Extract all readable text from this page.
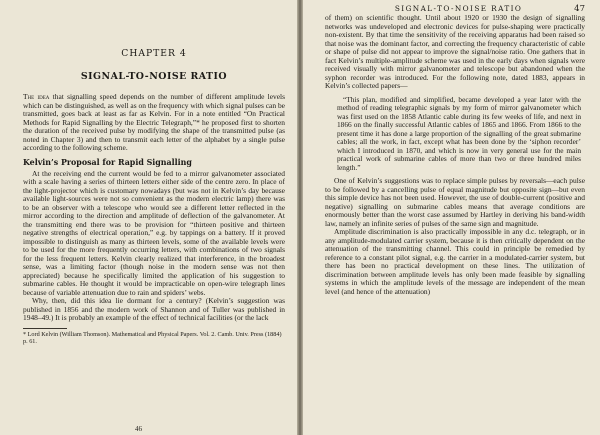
CHAPTER 4
SIGNAL-TO-NOISE RATIO

The idea that signalling speed depends on the number of different amplitude levels which can be distinguished, as well as on the frequency with which signal pulses can be transmitted, goes back at least as far as Kelvin. For in a note entitled “On Practical Methods for Rapid Signalling by the Electric Telegraph,”* he proposed first to shorten the duration of the received pulse by modifying the shape of the transmitted pulse (as noted in Chapter 3) and then to transmit each letter of the alphabet by a single pulse according to the following scheme.

Kelvin’s Proposal for Rapid Signalling

At the receiving end the current would be fed to a mirror galvanometer associated with a scale having a series of thirteen letters either side of the centre zero. In place of the light-projector which is customary nowadays (but was not in Kelvin’s day because available light-sources were not so convenient as the modern electric lamp) there was to be an observer with a telescope who would see a different letter reflected in the mirror according to the direction and amplitude of deflection of the galvanometer. At the transmitting end there was to be provision for “thirteen positive and thirteen negative strengths of electrical operation,” e.g. by tappings on a battery. If it proved impossible to distinguish as many as thirteen levels, some of the available levels were to be used for the more frequently occurring letters, with combinations of two signals for the less frequent letters. Kelvin clearly realized that interference, in the broadest sense, was a limiting factor (though noise in the modern sense was not then appreciated) because he specifically limited the application of his suggestion to submarine cables. He thought it would be impracticable on open-wire telegraph lines because of variable attenuation due to rain and spiders’ webs.

Why, then, did this idea lie dormant for a century? (Kelvin’s suggestion was published in 1856 and the modern work of Shannon and of Tuller was published in 1948–49.) It is probably an example of the effect of technical facilities (or the lack

* Lord Kelvin (William Thomson). Mathematical and Physical Papers. Vol. 2. Camb. Univ. Press (1884) p. 61.

46
SIGNAL-TO-NOISE RATIO	47

of them) on scientific thought. Until about 1920 or 1930 the design of signalling networks was undeveloped and electronic devices for pulse-shaping were practically non-existent. By that time the sensitivity of the receiving apparatus had been raised so that noise was the dominant factor, and correcting the frequency characteristic of cable or shape of pulse did not appear to improve the signal/noise ratio. One gathers that in fact Kelvin’s multiple-amplitude scheme was used in the early days when signals were received visually with mirror galvanometer and telescope but abandoned when the syphon recorder was introduced. For the following note, dated 1883, appears in Kelvin’s collected papers—

“This plan, modified and simplified, became developed a year later with the method of reading telegraphic signals by my form of mirror galvanometer which was first used on the 1858 Atlantic cable during its few weeks of life, and next in 1866 on the finally successful Atlantic cables of 1865 and 1866. From 1866 to the present time it has done a large proportion of the signalling of the great submarine cables; all the work, in fact, except what has been done by the ‘siphon recorder’ which I introduced in 1870, and which is now in very general use for the main practical work of submarine cables of more than two or three hundred miles length.”

One of Kelvin’s suggestions was to replace simple pulses by reversals—each pulse to be followed by a cancelling pulse of equal magnitude but opposite sign—but even this simple device has not been used. However, the use of double-current (positive and negative) signalling on submarine cables means that average conditions are enormously better than the worst case assumed by Hartley in deriving his band-width law, namely an infinite series of pulses of the same sign and magnitude.

Amplitude discrimination is also practically impossible in any d.c. telegraph, or in any amplitude-modulated carrier system, because it is then critically dependent on the attenuation of the transmitting channel. This could in principle be remedied by reference to a constant pilot signal, e.g. the carrier in a modulated-carrier system, but there has been no practical development on these lines. The utilization of discrimination between amplitude levels has only been made feasible by signalling systems in which the amplitude levels of the message are independent of the mean level (and hence of the attenuation)
